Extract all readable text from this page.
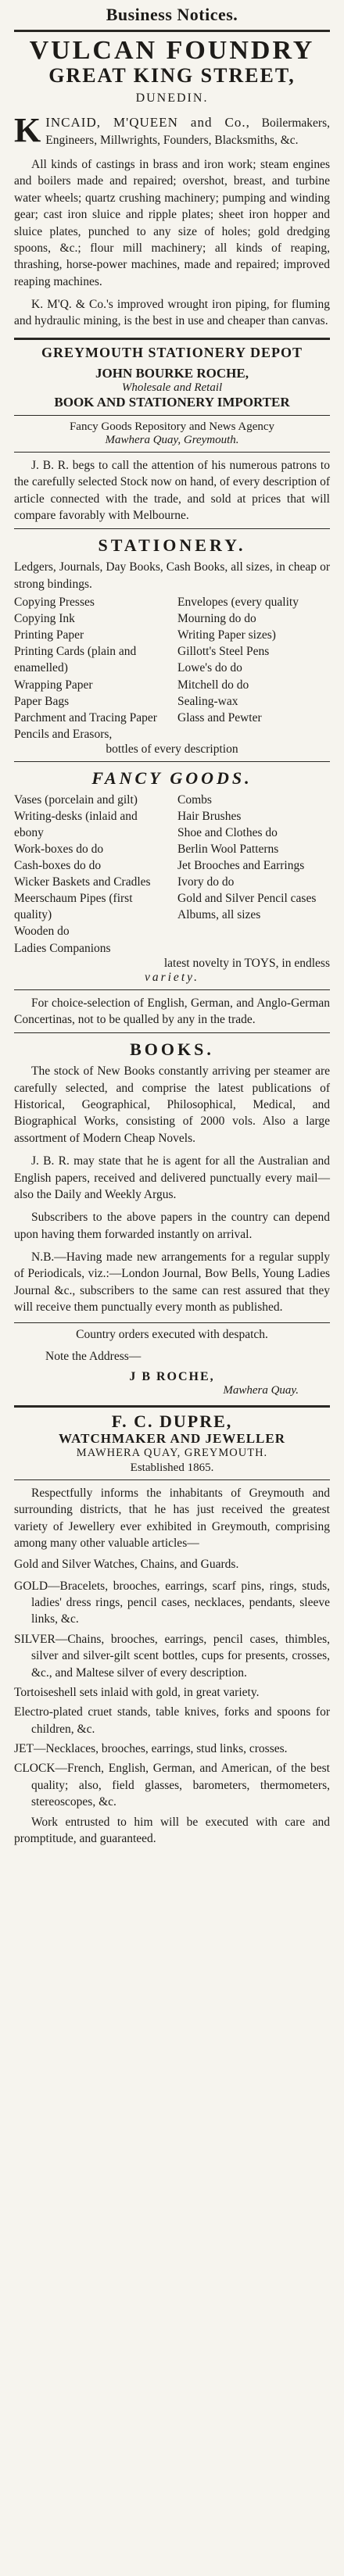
Business Notices.
VULCAN FOUNDRY
GREAT KING STREET,
DUNEDIN.
K INCAID, M'QUEEN and Co., Boilermakers, Engineers, Millwrights, Founders, Blacksmiths, &c.

All kinds of castings in brass and iron work; steam engines and boilers made and repaired; overshot, breast, and turbine water wheels; quartz crushing machinery; pumping and winding gear; cast iron sluice and ripple plates; sheet iron hopper and sluice plates, punched to any size of holes; gold dredging spoons, &c.; flour mill machinery; all kinds of reaping, thrashing, horse-power machines, made and repaired; improved reaping machines.

K. M'Q. & Co.'s improved wrought iron piping, for fluming and hydraulic mining, is the best in use and cheaper than canvas.

GREYMOUTH STATIONERY DEPOT
JOHN BOURKE ROCHE,
Wholesale and Retail
BOOK AND STATIONERY IMPORTER
Fancy Goods Repository and News Agency
Mawhera Quay, Greymouth.

J. B. R. begs to call the attention of his numerous patrons to the carefully selected Stock now on hand, of every description of article connected with the trade, and sold at prices that will compare favorably with Melbourne.

STATIONERY.

Ledgers, Journals, Day Books, Cash Books, all sizes, in cheap or strong bindings.

Copying Presses
Copying Ink
Printing Paper
Printing Cards (plain and enamelled)
Wrapping Paper
Paper Bags
Parchment and Tracing Paper
Pencils and Erasors,
Envelopes (every quality
Mourning do do
Writing Paper sizes)
Gillott's Steel Pens
Lowe's do do
Mitchell do do
Sealing-wax
Glass and Pewter
bottles of every description
FANCY GOODS.
Vases (porcelain and gilt)
Writing-desks (inlaid and ebony
Work-boxes do do
Cash-boxes do do
Wicker Baskets and Cradles
Meerschaum Pipes (first quality)
Wooden do
Ladies Companions
Combs
Hair Brushes
Shoe and Clothes do
Berlin Wool Patterns
Jet Brooches and Earrings
Ivory do do
Gold and Silver Pencil cases
Albums, all sizes
latest novelty in TOYS, in endless
variety.

For choice-selection of English, German, and Anglo-German Concertinas, not to be qualled by any in the trade.

BOOKS.

The stock of New Books constantly arriving per steamer are carefully selected, and comprise the latest publications of Historical, Geographical, Philosophical, Medical, and Biographical Works, consisting of 2000 vols. Also a large assortment of Modern Cheap Novels.

J. B. R. may state that he is agent for all the Australian and English papers, received and delivered punctually every mail—also the Daily and Weekly Argus.

Subscribers to the above papers in the country can depend upon having them forwarded instantly on arrival.

N.B.—Having made new arrangements for a regular supply of Periodicals, viz.:—London Journal, Bow Bells, Young Ladies Journal &c., subscribers to the same can rest assured that they will receive them punctually every month as published.

Country orders executed with despatch.
Note the Address—
J B ROCHE,
Mawhera Quay.
F. C. DUPRE,
WATCHMAKER AND JEWELLER
MAWHERA QUAY, GREYMOUTH.
Established 1865.

Respectfully informs the inhabitants of Greymouth and surrounding districts, that he has just received the greatest variety of Jewellery ever exhibited in Greymouth, comprising among many other valuable articles—

Gold and Silver Watches, Chains, and Guards.

GOLD—Bracelets, brooches, earrings, scarf pins, rings, studs, ladies' dress rings, pencil cases, necklaces, pendants, sleeve links, &c.

SILVER—Chains, brooches, earrings, pencil cases, thimbles, silver and silver-gilt scent bottles, cups for presents, crosses, &c., and Maltese silver of every description.

Tortoiseshell sets inlaid with gold, in great variety.

Electro-plated cruet stands, table knives, forks and spoons for children, &c.

JET—Necklaces, brooches, earrings, stud links, crosses.

CLOCK—French, English, German, and American, of the best quality; also, field glasses, barometers, thermometers, stereoscopes, &c.

Work entrusted to him will be executed with care and promptitude, and guaranteed.
